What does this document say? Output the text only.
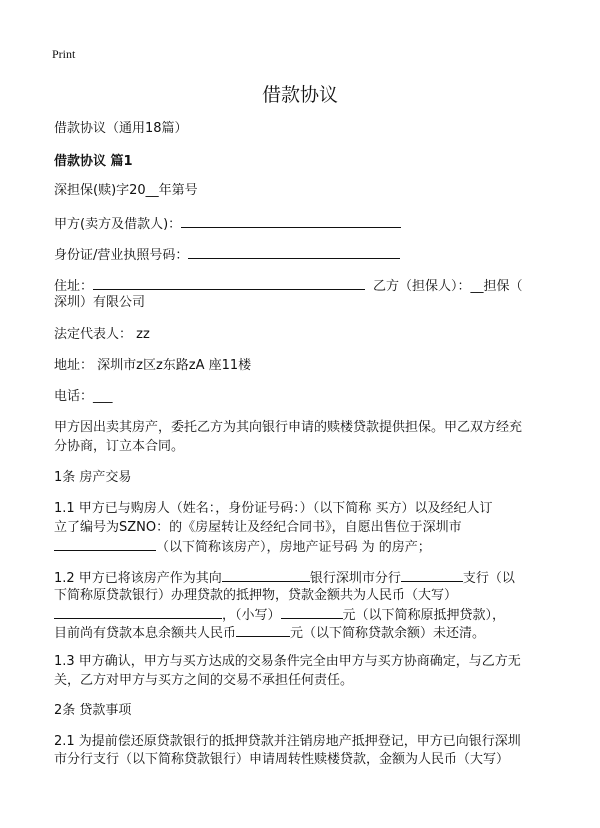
Print
借款协议

借款协议（通用18篇）

借款协议 篇1

深担保(赎)字20__年第号

甲方(卖方及借款人)：

身份证/营业执照号码：

住址：	乙方（担保人）：__担保（

深圳）有限公司

法定代表人： zz

地址： 深圳市z区z东路zA 座11楼

电话：___

甲方因出卖其房产，委托乙方为其向银行申请的赎楼贷款提供担保。甲乙双方经充

分协商，订立本合同。

1条 房产交易

1.1 甲方已与购房人（姓名：，身份证号码：）（以下简称 买方）以及经纪人订

立了编号为SZNO：的《房屋转让及经纪合同书》，自愿出售位于深圳市

（以下简称该房产），房地产证号码 为 的房产；

1.2 甲方已将该房产作为其向	银行深圳市分行	支行（以

下简称原贷款银行）办理贷款的抵押物，贷款金额共为人民币（大写）

，（小写）	元（以下简称原抵押贷款），

目前尚有贷款本息余额共人民币	元（以下简称贷款余额）未还清。

1.3 甲方确认，甲方与买方达成的交易条件完全由甲方与买方协商确定，与乙方无

关，乙方对甲方与买方之间的交易不承担任何责任。

2条 贷款事项

2.1 为提前偿还原贷款银行的抵押贷款并注销房地产抵押登记，甲方已向银行深圳

市分行支行（以下简称贷款银行）申请周转性赎楼贷款，金额为人民币（大写）
